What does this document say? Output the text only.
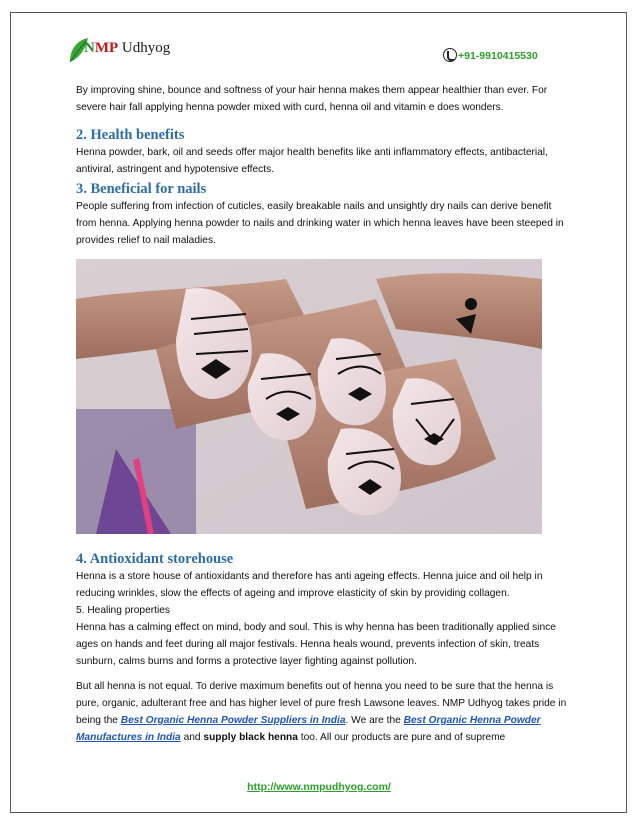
NMP Udhyog	+91-9910415530

By improving shine, bounce and softness of your hair henna makes them appear healthier than ever. For severe hair fall applying henna powder mixed with curd, henna oil and vitamin e does wonders.

2. Health benefits

Henna powder, bark, oil and seeds offer major health benefits like anti inflammatory effects, antibacterial, antiviral, astringent and hypotensive effects.

3. Beneficial for nails

People suffering from infection of cuticles, easily breakable nails and unsightly dry nails can derive benefit from henna. Applying henna powder to nails and drinking water in which henna leaves have been steeped in provides relief to nail maladies.

4. Antioxidant storehouse

Henna is a store house of antioxidants and therefore has anti ageing effects. Henna juice and oil help in reducing wrinkles, slow the effects of ageing and improve elasticity of skin by providing collagen.

5. Healing properties

Henna has a calming effect on mind, body and soul. This is why henna has been traditionally applied since ages on hands and feet during all major festivals. Henna heals wound, prevents infection of skin, treats sunburn, calms burns and forms a protective layer fighting against pollution.

But all henna is not equal. To derive maximum benefits out of henna you need to be sure that the henna is pure, organic, adulterant free and has higher level of pure fresh Lawsone leaves. NMP Udhyog takes pride in being the Best Organic Henna Powder Suppliers in India. We are the Best Organic Henna Powder Manufactures in India and supply black henna too. All our products are pure and of supreme

http://www.nmpudhyog.com/
